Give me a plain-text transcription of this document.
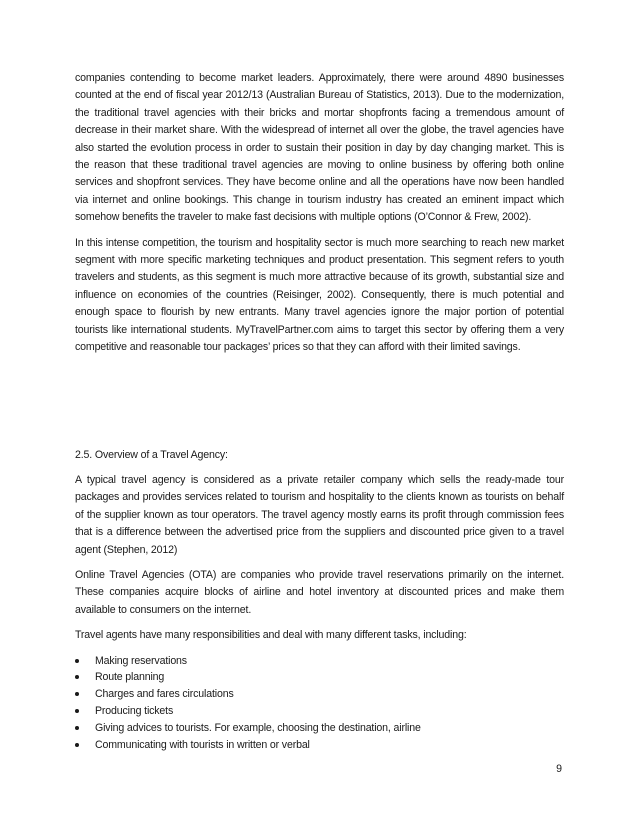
companies contending to become market leaders. Approximately, there were around 4890 businesses counted at the end of fiscal year 2012/13 (Australian Bureau of Statistics, 2013). Due to the modernization, the traditional travel agencies with their bricks and mortar shopfronts facing a tremendous amount of decrease in their market share. With the widespread of internet all over the globe, the travel agencies have also started the evolution process in order to sustain their position in day by day changing market. This is the reason that these traditional travel agencies are moving to online business by offering both online services and shopfront services. They have become online and all the operations have now been handled via internet and online bookings. This change in tourism industry has created an eminent impact which somehow benefits the traveler to make fast decisions with multiple options (O’Connor & Frew, 2002).

In this intense competition, the tourism and hospitality sector is much more searching to reach new market segment with more specific marketing techniques and product presentation. This segment refers to youth travelers and students, as this segment is much more attractive because of its growth, substantial size and influence on economies of the countries (Reisinger, 2002). Consequently, there is much potential and enough space to flourish by new entrants. Many travel agencies ignore the major portion of potential tourists like international students. MyTravelPartner.com aims to target this sector by offering them a very competitive and reasonable tour packages’ prices so that they can afford with their limited savings.

2.5. Overview of a Travel Agency:

A typical travel agency is considered as a private retailer company which sells the ready-made tour packages and provides services related to tourism and hospitality to the clients known as tourists on behalf of the supplier known as tour operators. The travel agency mostly earns its profit through commission fees that is a difference between the advertised price from the suppliers and discounted price given to a travel agent (Stephen, 2012)

Online Travel Agencies (OTA) are companies who provide travel reservations primarily on the internet. These companies acquire blocks of airline and hotel inventory at discounted prices and make them available to consumers on the internet.

Travel agents have many responsibilities and deal with many different tasks, including:

Making reservations
Route planning
Charges and fares circulations
Producing tickets
Giving advices to tourists. For example, choosing the destination, airline
Communicating with tourists in written or verbal
9
